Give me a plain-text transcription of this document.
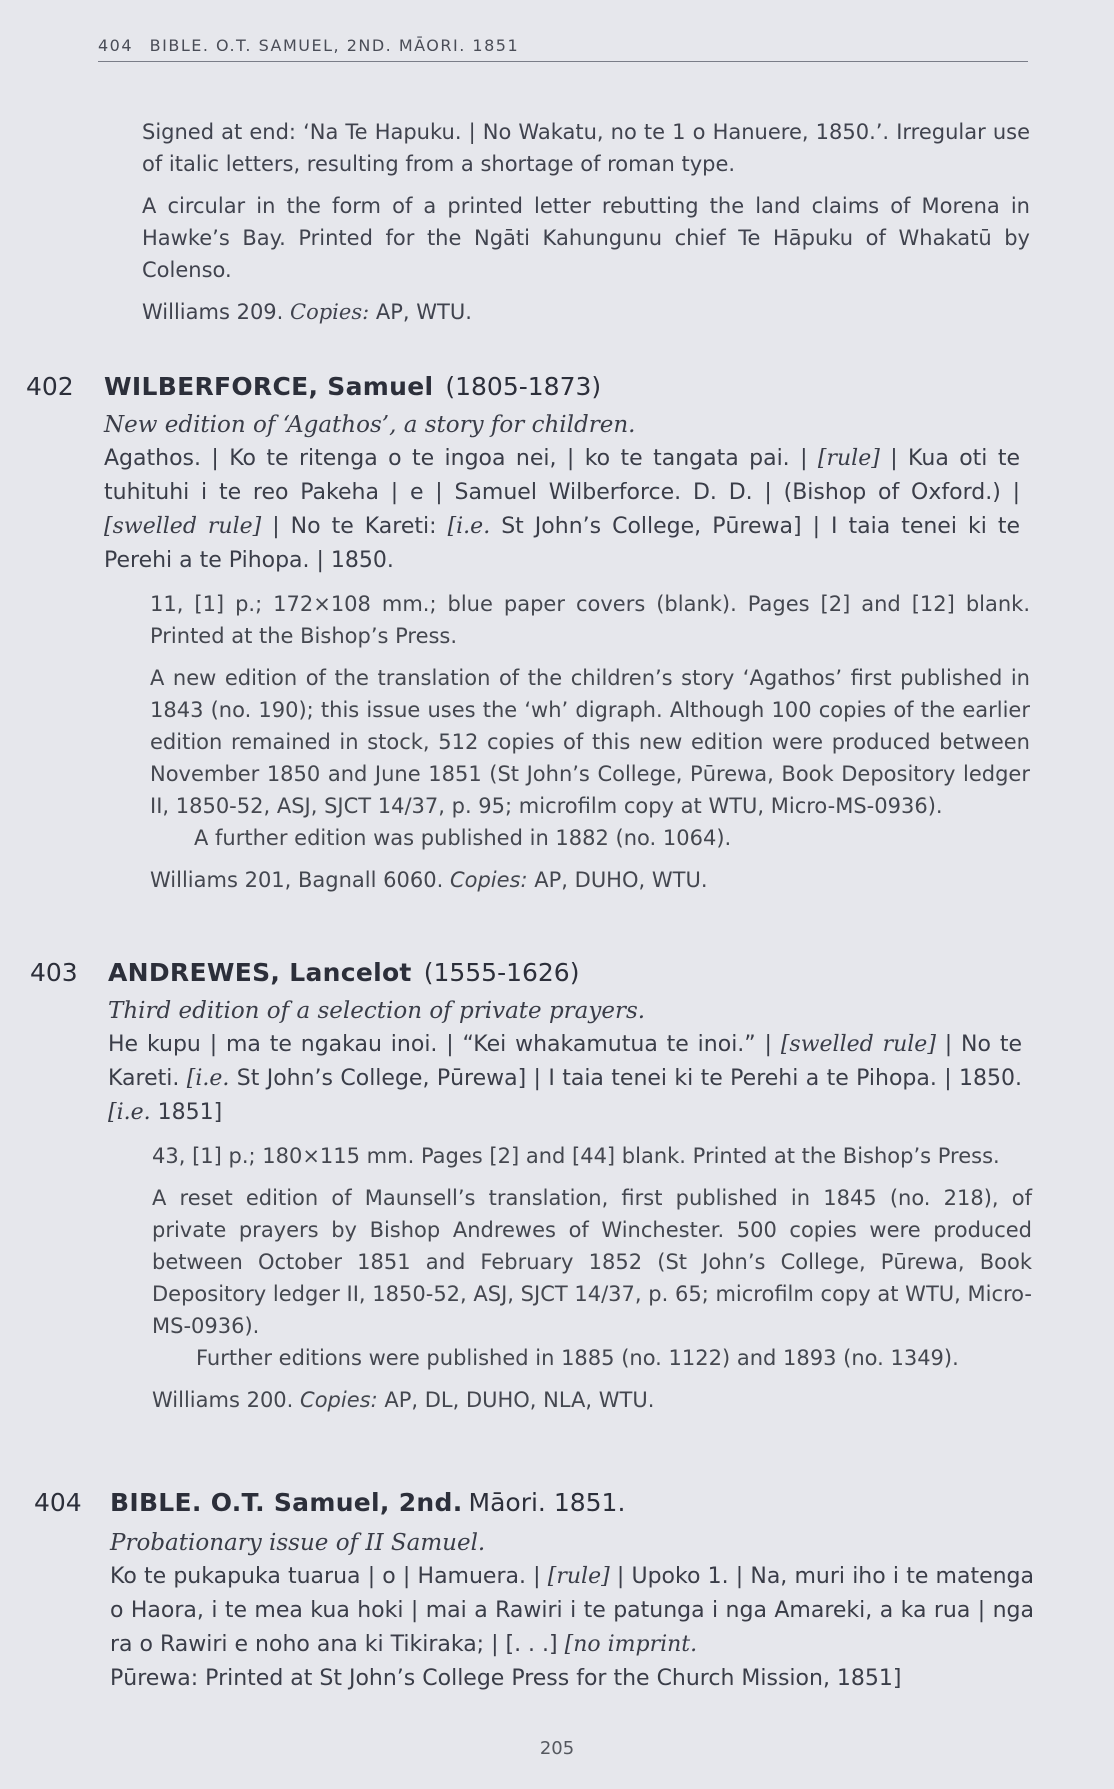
404 BIBLE. O.T. SAMUEL, 2ND. MĀORI. 1851

Signed at end: ‘Na Te Hapuku. | No Wakatu, no te 1 o Hanuere, 1850.’. Irregular use of italic letters, resulting from a shortage of roman type.

A circular in the form of a printed letter rebutting the land claims of Morena in Hawke’s Bay. Printed for the Ngāti Kahungunu chief Te Hāpuku of Whakatū by Colenso.

Williams 209. Copies: AP, WTU.

402 WILBERFORCE, Samuel (1805-1873)
New edition of ‘Agathos’, a story for children.
Agathos. | Ko te ritenga o te ingoa nei, | ko te tangata pai. | [rule] | Kua oti te tuhituhi i te reo Pakeha | e | Samuel Wilberforce. D. D. | (Bishop of Oxford.) | [swelled rule] | No te Kareti: [i.e. St John’s College, Pūrewa] | I taia tenei ki te Perehi a te Pihopa. | 1850.

11, [1] p.; 172×108 mm.; blue paper covers (blank). Pages [2] and [12] blank. Printed at the Bishop’s Press.

A new edition of the translation of the children’s story ‘Agathos’ first published in 1843 (no. 190); this issue uses the ‘wh’ digraph. Although 100 copies of the earlier edition remained in stock, 512 copies of this new edition were produced between November 1850 and June 1851 (St John’s College, Pūrewa, Book Depository ledger II, 1850-52, ASJ, SJCT 14/37, p. 95; microfilm copy at WTU, Micro-MS-0936).

A further edition was published in 1882 (no. 1064).

Williams 201, Bagnall 6060. Copies: AP, DUHO, WTU.

403 ANDREWES, Lancelot (1555-1626)
Third edition of a selection of private prayers.
He kupu | ma te ngakau inoi. | “Kei whakamutua te inoi.” | [swelled rule] | No te Kareti. [i.e. St John’s College, Pūrewa] | I taia tenei ki te Perehi a te Pihopa. | 1850. [i.e. 1851]

43, [1] p.; 180×115 mm. Pages [2] and [44] blank. Printed at the Bishop’s Press.

A reset edition of Maunsell’s translation, first published in 1845 (no. 218), of private prayers by Bishop Andrewes of Winchester. 500 copies were produced between October 1851 and February 1852 (St John’s College, Pūrewa, Book Depository ledger II, 1850-52, ASJ, SJCT 14/37, p. 65; microfilm copy at WTU, Micro-MS-0936).

Further editions were published in 1885 (no. 1122) and 1893 (no. 1349).

Williams 200. Copies: AP, DL, DUHO, NLA, WTU.

404 BIBLE. O.T. Samuel, 2nd. Māori. 1851.
Probationary issue of II Samuel.
Ko te pukapuka tuarua | o | Hamuera. | [rule] | Upoko 1. | Na, muri iho i te matenga o Haora, i te mea kua hoki | mai a Rawiri i te patunga i nga Amareki, a ka rua | nga ra o Rawiri e noho ana ki Tikiraka; | [. . .] [no imprint.
Pūrewa: Printed at St John’s College Press for the Church Mission, 1851]
205
